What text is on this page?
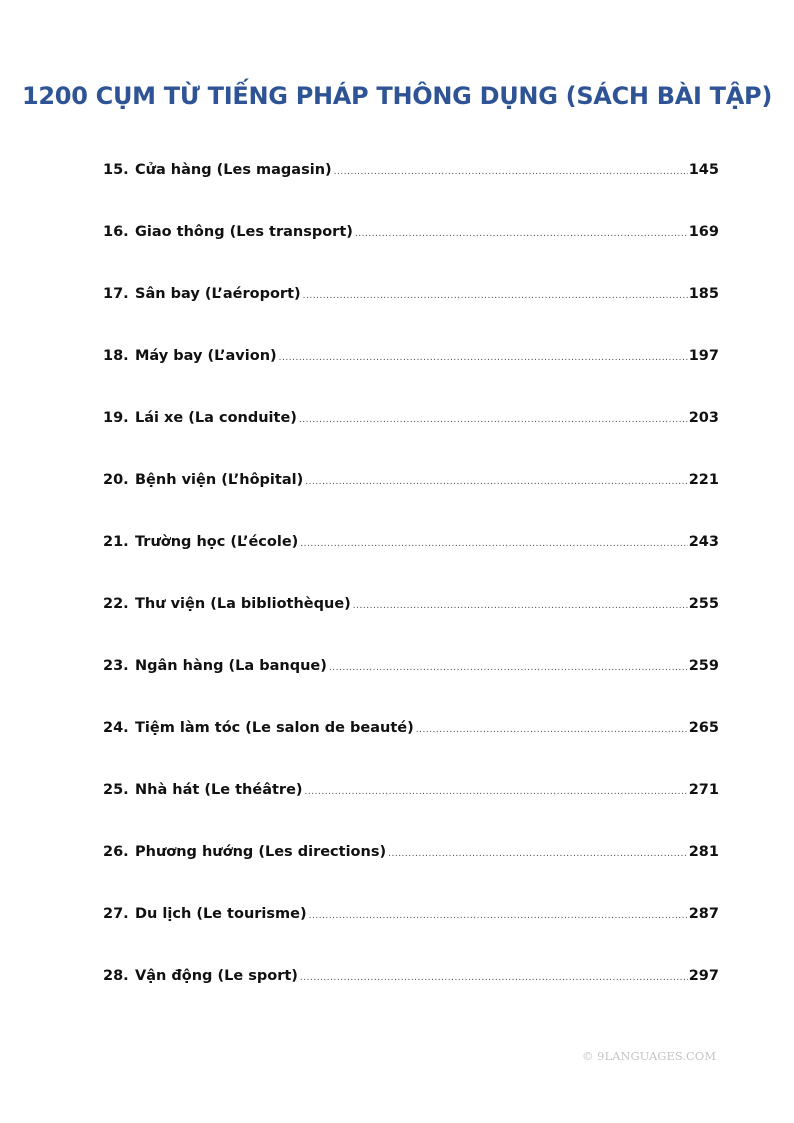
1200 CỤM TỪ TIẾNG PHÁP THÔNG DỤNG (SÁCH BÀI TẬP)
15. Cửa hàng (Les magasin) .....	145
16. Giao thông (Les transport) .....	169
17. Sân bay (L’aéroport) .....	185
18. Máy bay (L’avion) .....	197
19. Lái xe (La conduite) .....	203
20. Bệnh viện (L’hôpital) .....	221
21. Trường học (L’école) .....	243
22. Thư viện (La bibliothèque) .....	255
23. Ngân hàng (La banque) .....	259
24. Tiệm làm tóc (Le salon de beauté) .....	265
25. Nhà hát (Le théâtre) .....	271
26. Phương hướng (Les directions) .....	281
27. Du lịch (Le tourisme) .....	287
28. Vận động (Le sport) .....	297
© 9LANGUAGES.COM
